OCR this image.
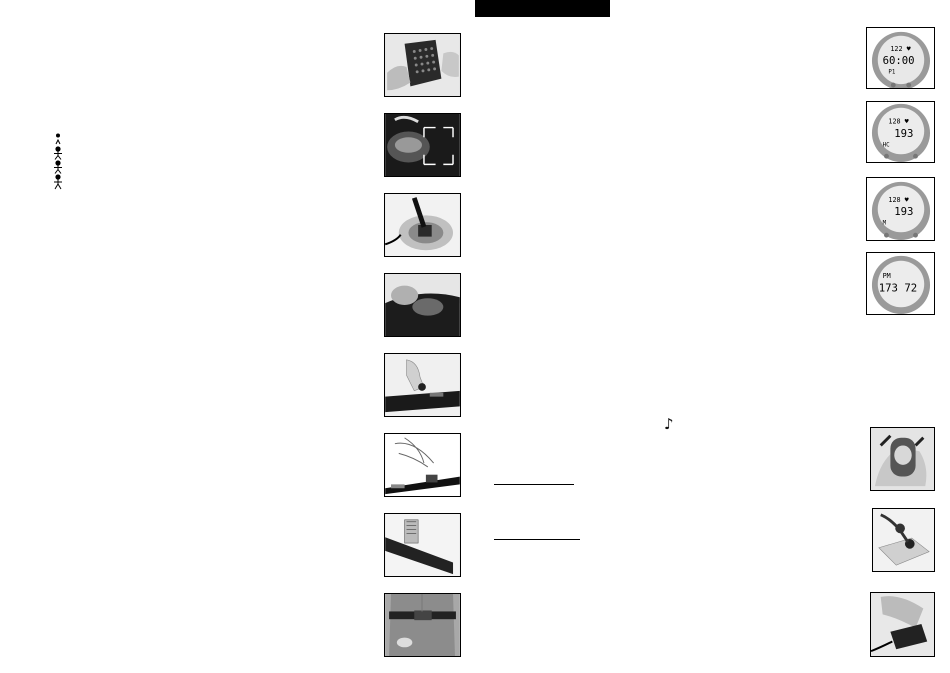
122 ♥
60:00
P1
128 ♥
193
HC
128 ♥
193
M
PM
173 72
♪
